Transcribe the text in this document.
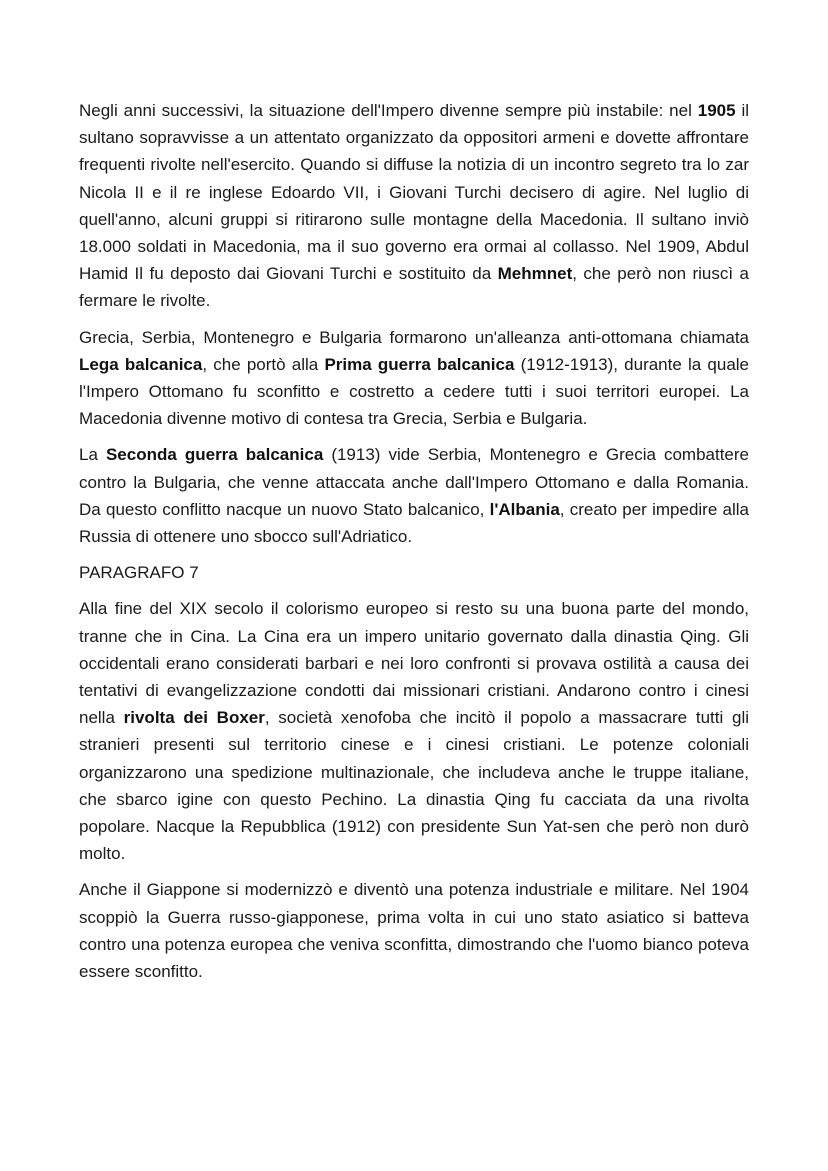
Negli anni successivi, la situazione dell'Impero divenne sempre più instabile: nel 1905 il sultano sopravvisse a un attentato organizzato da oppositori armeni e dovette affrontare frequenti rivolte nell'esercito. Quando si diffuse la notizia di un incontro segreto tra lo zar Nicola II e il re inglese Edoardo VII, i Giovani Turchi decisero di agire. Nel luglio di quell'anno, alcuni gruppi si ritirarono sulle montagne della Macedonia. Il sultano inviò 18.000 soldati in Macedonia, ma il suo governo era ormai al collasso. Nel 1909, Abdul Hamid Il fu deposto dai Giovani Turchi e sostituito da Mehmnet, che però non riuscì a fermare le rivolte.

Grecia, Serbia, Montenegro e Bulgaria formarono un'alleanza anti-ottomana chiamata Lega balcanica, che portò alla Prima guerra balcanica (1912-1913), durante la quale l'Impero Ottomano fu sconfitto e costretto a cedere tutti i suoi territori europei. La Macedonia divenne motivo di contesa tra Grecia, Serbia e Bulgaria.

La Seconda guerra balcanica (1913) vide Serbia, Montenegro e Grecia combattere contro la Bulgaria, che venne attaccata anche dall'Impero Ottomano e dalla Romania. Da questo conflitto nacque un nuovo Stato balcanico, l'Albania, creato per impedire alla Russia di ottenere uno sbocco sull'Adriatico.

PARAGRAFO 7

Alla fine del XIX secolo il colorismo europeo si resto su una buona parte del mondo, tranne che in Cina. La Cina era un impero unitario governato dalla dinastia Qing. Gli occidentali erano considerati barbari e nei loro confronti si provava ostilità a causa dei tentativi di evangelizzazione condotti dai missionari cristiani. Andarono contro i cinesi nella rivolta dei Boxer, società xenofoba che incitò il popolo a massacrare tutti gli stranieri presenti sul territorio cinese e i cinesi cristiani. Le potenze coloniali organizzarono una spedizione multinazionale, che includeva anche le truppe italiane, che sbarco igine con questo Pechino. La dinastia Qing fu cacciata da una rivolta popolare. Nacque la Repubblica (1912) con presidente Sun Yat-sen che però non durò molto.

Anche il Giappone si modernizzò e diventò una potenza industriale e militare. Nel 1904 scoppiò la Guerra russo-giapponese, prima volta in cui uno stato asiatico si batteva contro una potenza europea che veniva sconfitta, dimostrando che l'uomo bianco poteva essere sconfitto.
